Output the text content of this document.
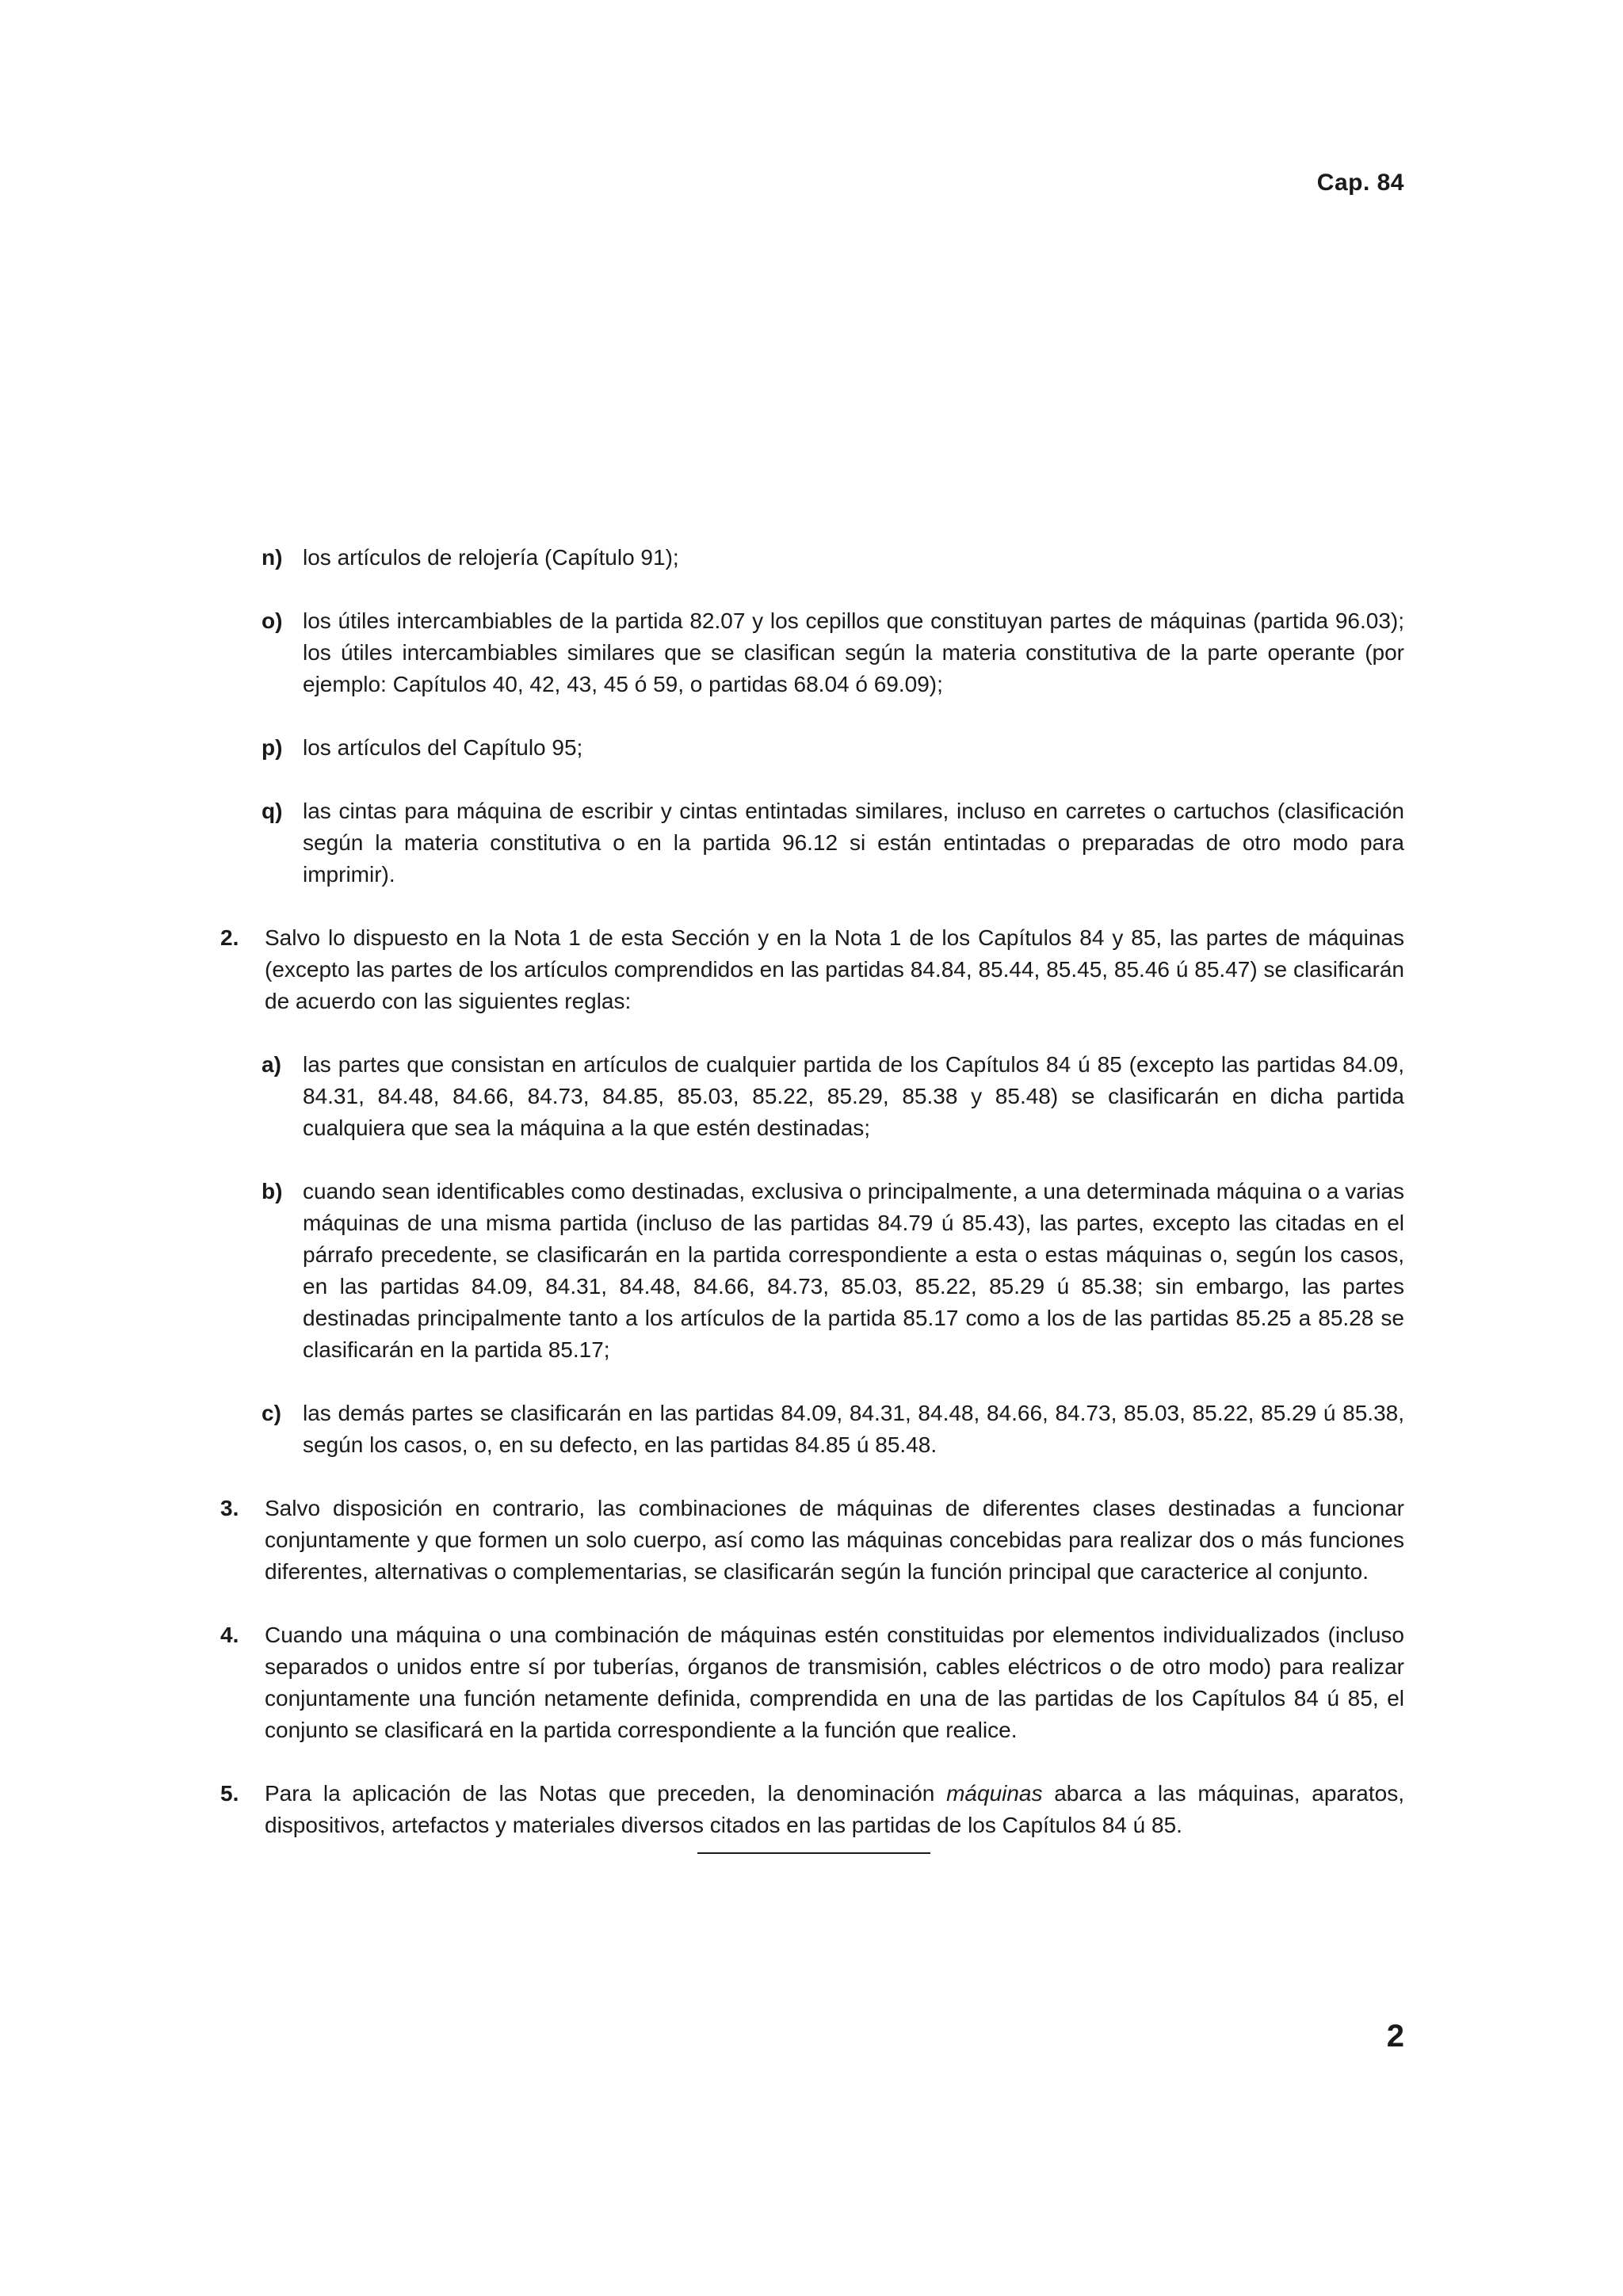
Cap. 84
n) los artículos de relojería (Capítulo 91);
o) los útiles intercambiables de la partida 82.07 y los cepillos que constituyan partes de máquinas (partida 96.03); los útiles intercambiables similares que se clasifican según la materia constitutiva de la parte operante (por ejemplo: Capítulos 40, 42, 43, 45 ó 59, o partidas 68.04 ó 69.09);
p) los artículos del Capítulo 95;
q) las cintas para máquina de escribir y cintas entintadas similares, incluso en carretes o cartuchos (clasificación según la materia constitutiva o en la partida 96.12 si están entintadas o preparadas de otro modo para imprimir).
2. Salvo lo dispuesto en la Nota 1 de esta Sección y en la Nota 1 de los Capítulos 84 y 85, las partes de máquinas (excepto las partes de los artículos comprendidos en las partidas 84.84, 85.44, 85.45, 85.46 ú 85.47) se clasificarán de acuerdo con las siguientes reglas:
a) las partes que consistan en artículos de cualquier partida de los Capítulos 84 ú 85 (excepto las partidas 84.09, 84.31, 84.48, 84.66, 84.73, 84.85, 85.03, 85.22, 85.29, 85.38 y 85.48) se clasificarán en dicha partida cualquiera que sea la máquina a la que estén destinadas;
b) cuando sean identificables como destinadas, exclusiva o principalmente, a una determinada máquina o a varias máquinas de una misma partida (incluso de las partidas 84.79 ú 85.43), las partes, excepto las citadas en el párrafo precedente, se clasificarán en la partida correspondiente a esta o estas máquinas o, según los casos, en las partidas 84.09, 84.31, 84.48, 84.66, 84.73, 85.03, 85.22, 85.29 ú 85.38; sin embargo, las partes destinadas principalmente tanto a los artículos de la partida 85.17 como a los de las partidas 85.25 a 85.28 se clasificarán en la partida 85.17;
c) las demás partes se clasificarán en las partidas 84.09, 84.31, 84.48, 84.66, 84.73, 85.03, 85.22, 85.29 ú 85.38, según los casos, o, en su defecto, en las partidas 84.85 ú 85.48.
3. Salvo disposición en contrario, las combinaciones de máquinas de diferentes clases destinadas a funcionar conjuntamente y que formen un solo cuerpo, así como las máquinas concebidas para realizar dos o más funciones diferentes, alternativas o complementarias, se clasificarán según la función principal que caractericе al conjunto.
4. Cuando una máquina o una combinación de máquinas estén constituidas por elementos individualizados (incluso separados o unidos entre sí por tuberías, órganos de transmisión, cables eléctricos o de otro modo) para realizar conjuntamente una función netamente definida, comprendida en una de las partidas de los Capítulos 84 ú 85, el conjunto se clasificará en la partida correspondiente a la función que realice.
5. Para la aplicación de las Notas que preceden, la denominación máquinas abarca a las máquinas, aparatos, dispositivos, artefactos y materiales diversos citados en las partidas de los Capítulos 84 ú 85.
2
